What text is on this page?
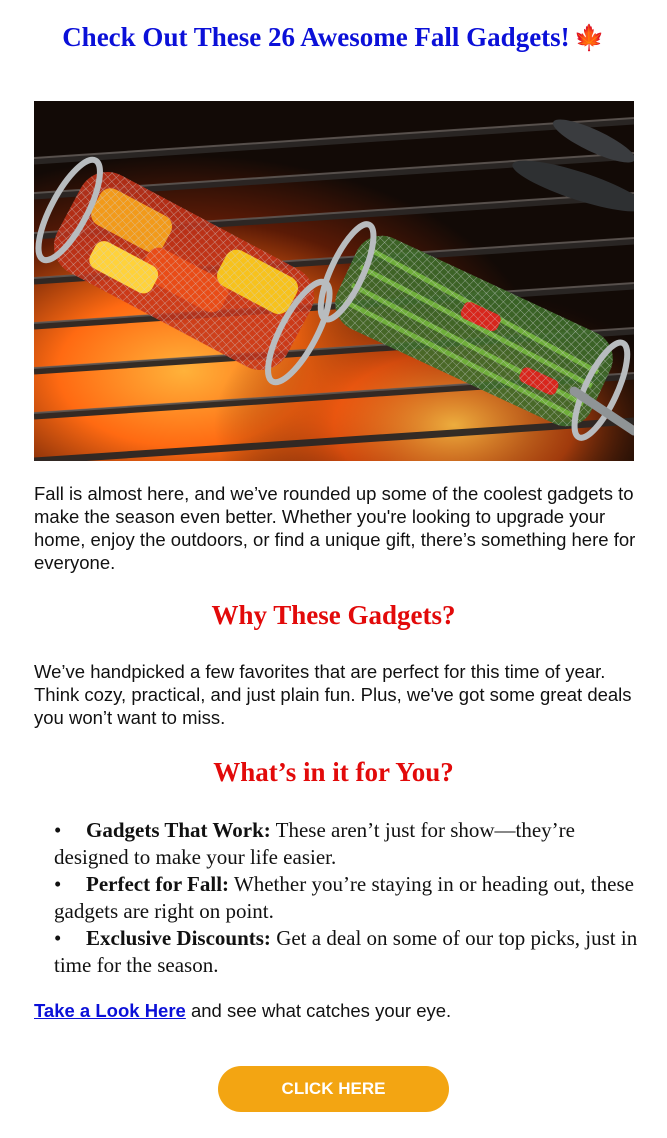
Check Out These 26 Awesome Fall Gadgets! 🍁

Fall is almost here, and we’ve rounded up some of the coolest gadgets to make the season even better. Whether you're looking to upgrade your home, enjoy the outdoors, or find a unique gift, there’s something here for everyone.

Why These Gadgets?

We’ve handpicked a few favorites that are perfect for this time of year. Think cozy, practical, and just plain fun. Plus, we've got some great deals you won’t want to miss.

What’s in it for You?
• Gadgets That Work: These aren’t just for show—they’re designed to make your life easier.
• Perfect for Fall: Whether you’re staying in or heading out, these gadgets are right on point.
• Exclusive Discounts: Get a deal on some of our top picks, just in time for the season.

Take a Look Here and see what catches your eye.

CLICK HERE
